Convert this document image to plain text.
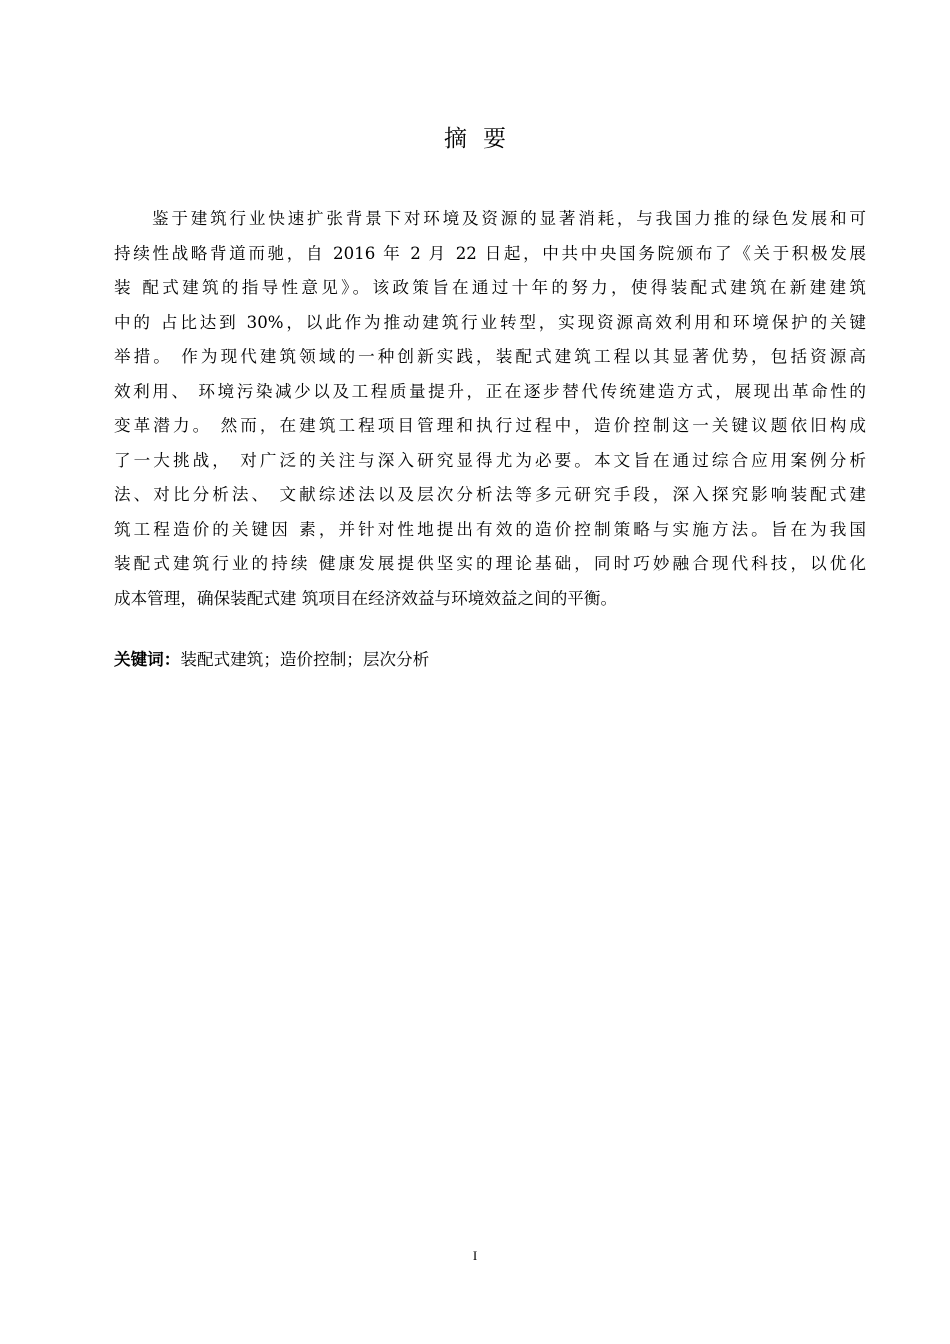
摘要
鉴于建筑行业快速扩张背景下对环境及资源的显著消耗，与我国力推的绿色发展和可
持续性战略背道而驰，自 2016 年 2 月 22 日起，中共中央国务院颁布了《关于积极发展
装 配式建筑的指导性意见》。该政策旨在通过十年的努力，使得装配式建筑在新建建筑
中的 占比达到 30%，以此作为推动建筑行业转型，实现资源高效利用和环境保护的关键
举措。 作为现代建筑领域的一种创新实践，装配式建筑工程以其显著优势，包括资源高
效利用、 环境污染减少以及工程质量提升，正在逐步替代传统建造方式，展现出革命性的
变革潜力。 然而，在建筑工程项目管理和执行过程中，造价控制这一关键议题依旧构成
了一大挑战， 对广泛的关注与深入研究显得尤为必要。本文旨在通过综合应用案例分析
法、对比分析法、 文献综述法以及层次分析法等多元研究手段，深入探究影响装配式建
筑工程造价的关键因 素，并针对性地提出有效的造价控制策略与实施方法。旨在为我国
装配式建筑行业的持续 健康发展提供坚实的理论基础，同时巧妙融合现代科技，以优化
成本管理，确保装配式建 筑项目在经济效益与环境效益之间的平衡。
关键词：装配式建筑；造价控制；层次分析
I
